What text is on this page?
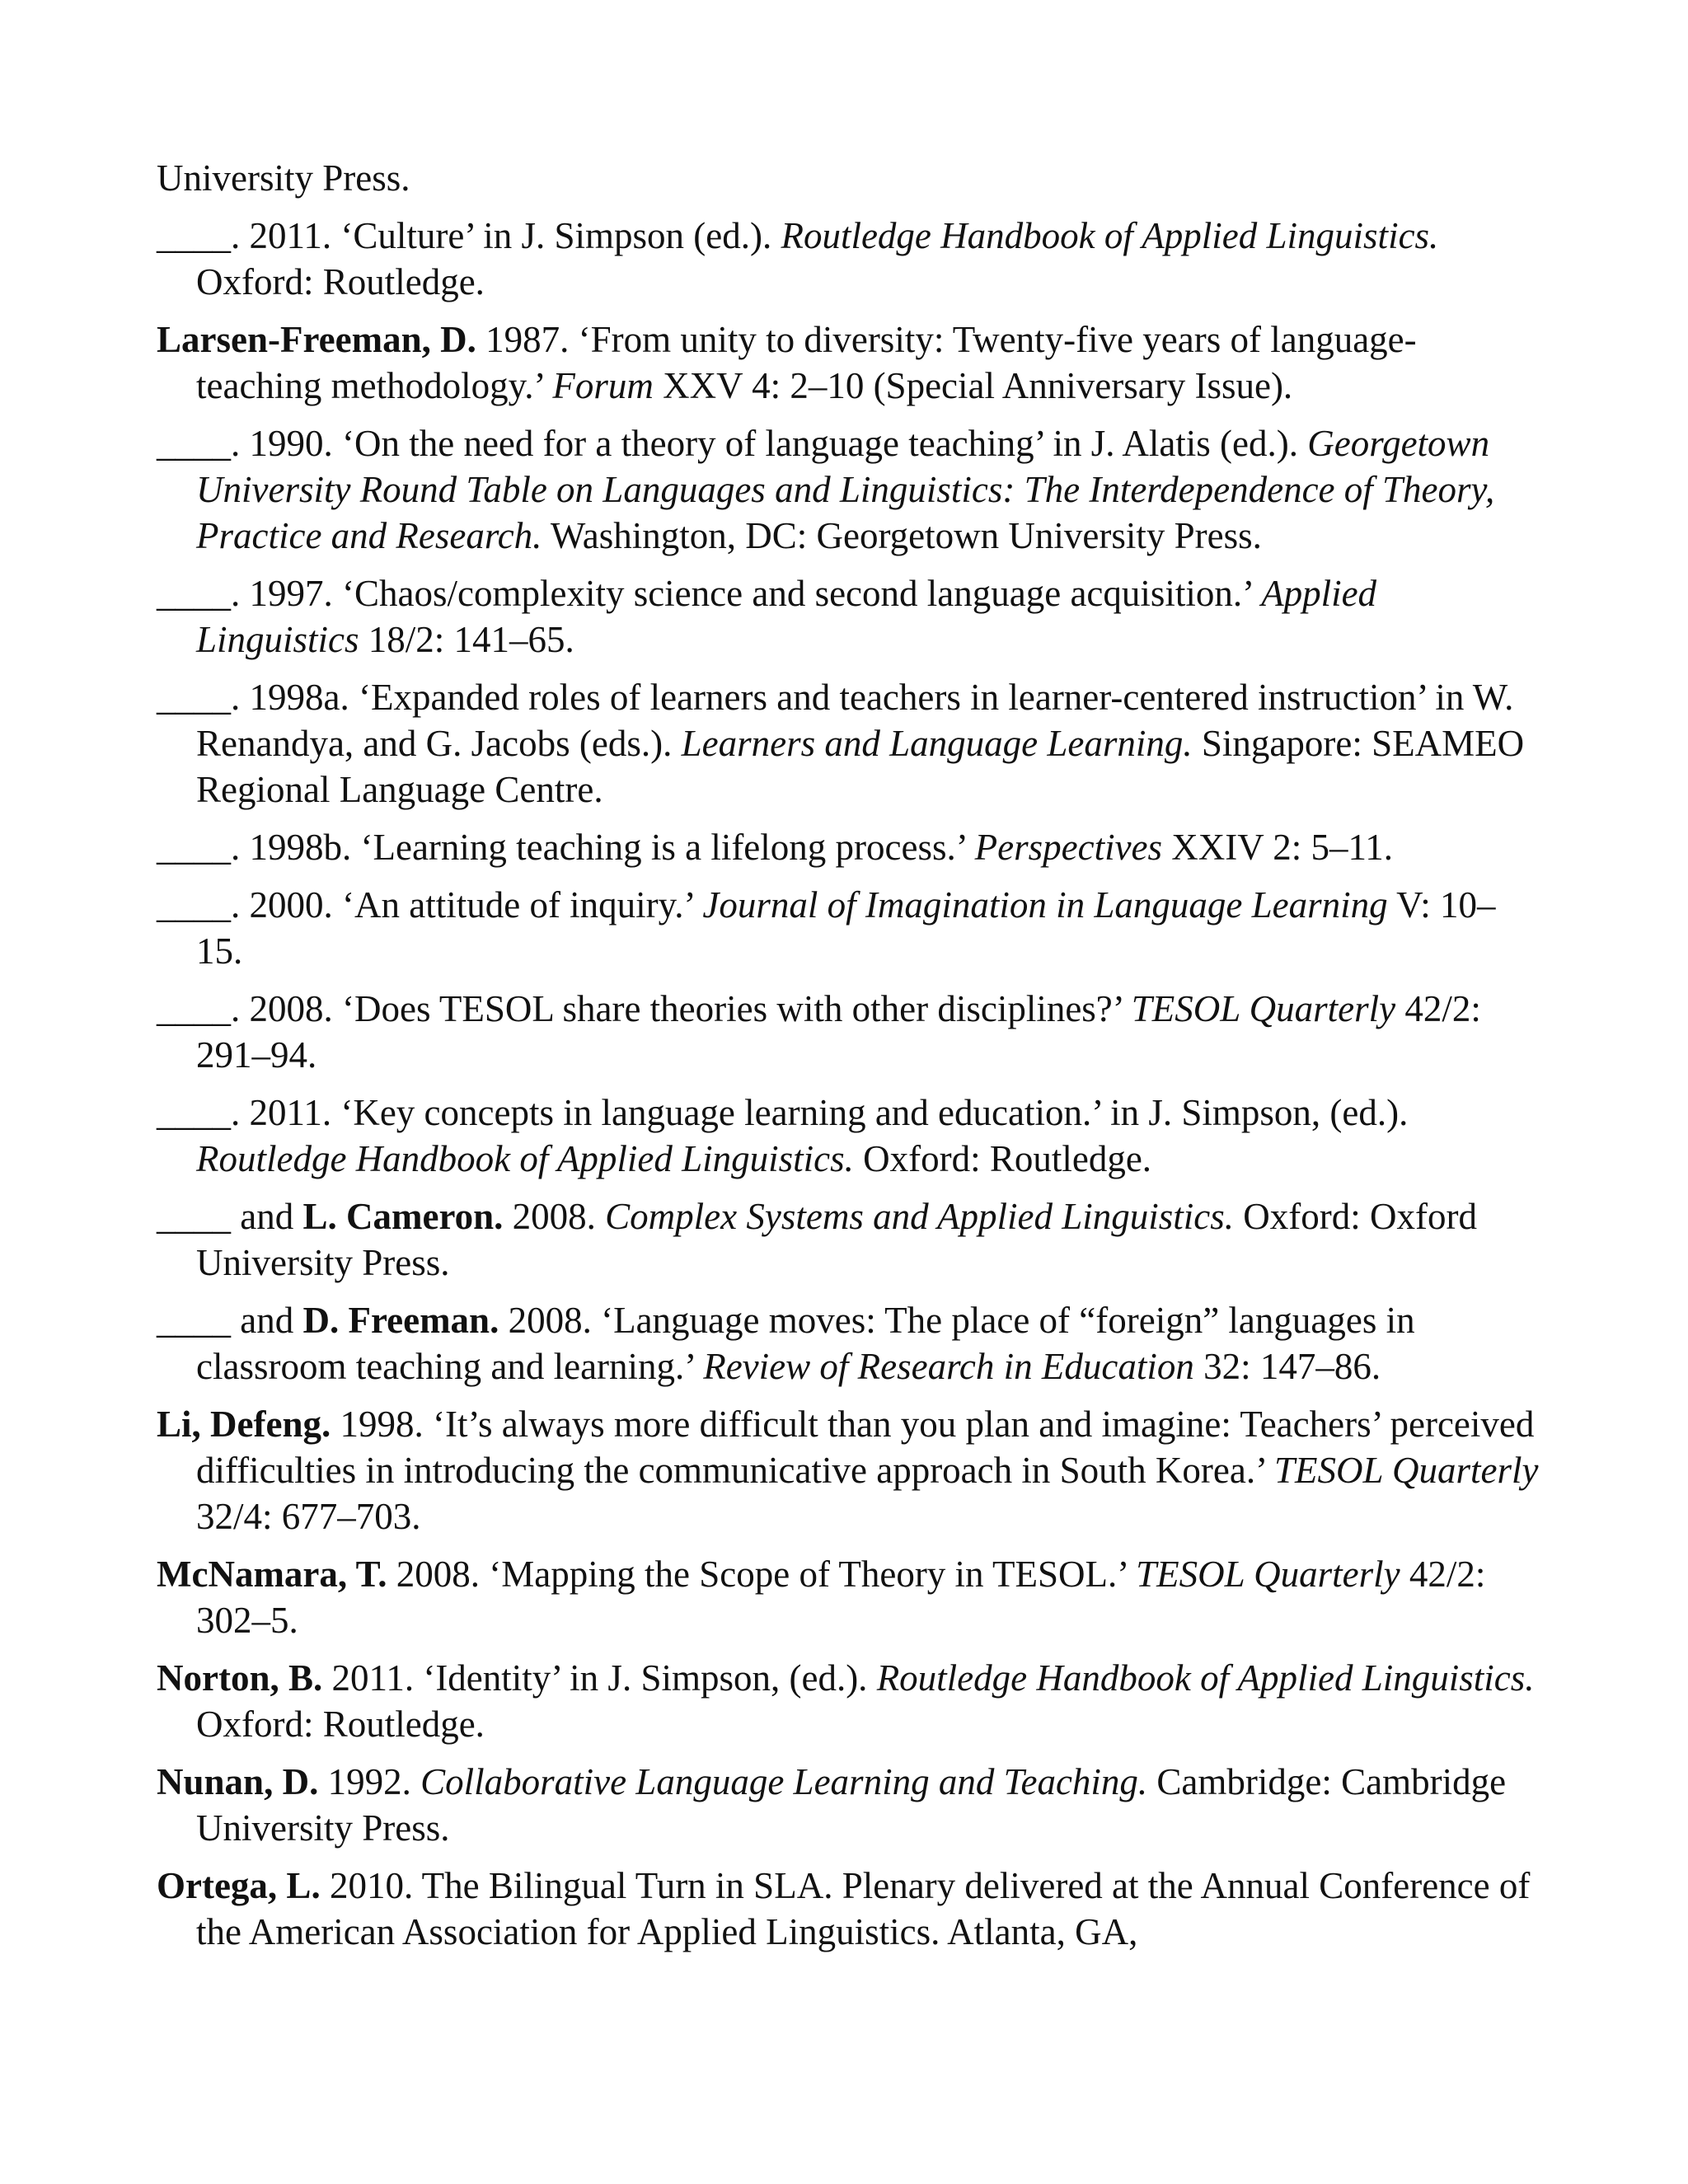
University Press.

____. 2011. ‘Culture’ in J. Simpson (ed.). Routledge Handbook of Applied Linguistics. Oxford: Routledge.

Larsen-Freeman, D. 1987. ‘From unity to diversity: Twenty-five years of language-teaching methodology.’ Forum XXV 4: 2–10 (Special Anniversary Issue).

____. 1990. ‘On the need for a theory of language teaching’ in J. Alatis (ed.). Georgetown University Round Table on Languages and Linguistics: The Interdependence of Theory, Practice and Research. Washington, DC: Georgetown University Press.

____. 1997. ‘Chaos/complexity science and second language acquisition.’ Applied Linguistics 18/2: 141–65.

____. 1998a. ‘Expanded roles of learners and teachers in learner-centered instruction’ in W. Renandya, and G. Jacobs (eds.). Learners and Language Learning. Singapore: SEAMEO Regional Language Centre.

____. 1998b. ‘Learning teaching is a lifelong process.’ Perspectives XXIV 2: 5–11.

____. 2000. ‘An attitude of inquiry.’ Journal of Imagination in Language Learning V: 10–15.

____. 2008. ‘Does TESOL share theories with other disciplines?’ TESOL Quarterly 42/2: 291–94.

____. 2011. ‘Key concepts in language learning and education.’ in J. Simpson, (ed.). Routledge Handbook of Applied Linguistics. Oxford: Routledge.

____ and L. Cameron. 2008. Complex Systems and Applied Linguistics. Oxford: Oxford University Press.

____ and D. Freeman. 2008. ‘Language moves: The place of “foreign” languages in classroom teaching and learning.’ Review of Research in Education 32: 147–86.

Li, Defeng. 1998. ‘It’s always more difficult than you plan and imagine: Teachers’ perceived difficulties in introducing the communicative approach in South Korea.’ TESOL Quarterly 32/4: 677–703.

McNamara, T. 2008. ‘Mapping the Scope of Theory in TESOL.’ TESOL Quarterly 42/2: 302–5.

Norton, B. 2011. ‘Identity’ in J. Simpson, (ed.). Routledge Handbook of Applied Linguistics. Oxford: Routledge.

Nunan, D. 1992. Collaborative Language Learning and Teaching. Cambridge: Cambridge University Press.

Ortega, L. 2010. The Bilingual Turn in SLA. Plenary delivered at the Annual Conference of the American Association for Applied Linguistics. Atlanta, GA,
